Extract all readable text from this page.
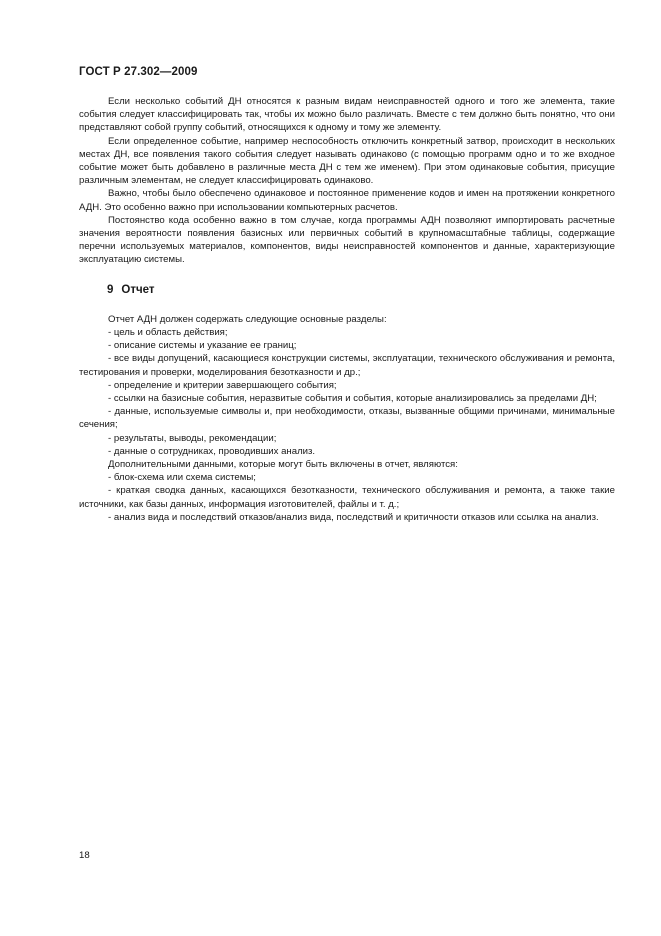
ГОСТ Р 27.302—2009

Если несколько событий ДН относятся к разным видам неисправностей одного и того же элемента, такие события следует классифицировать так, чтобы их можно было различать. Вместе с тем должно быть понятно, что они представляют собой группу событий, относящихся к одному и тому же элементу.

Если определенное событие, например неспособность отключить конкретный затвор, происходит в нескольких местах ДН, все появления такого события следует называть одинаково (с помощью программ одно и то же входное событие может быть добавлено в различные места ДН с тем же именем). При этом одинаковые события, присущие различным элементам, не следует классифицировать одинаково.

Важно, чтобы было обеспечено одинаковое и постоянное применение кодов и имен на протяжении конкретного АДН. Это особенно важно при использовании компьютерных расчетов.

Постоянство кода особенно важно в том случае, когда программы АДН позволяют импортировать расчетные значения вероятности появления базисных или первичных событий в крупномасштабные таблицы, содержащие перечни используемых материалов, компонентов, виды неисправностей компонентов и данные, характеризующие эксплуатацию системы.

9 Отчет

Отчет АДН должен содержать следующие основные разделы:

- цель и область действия;

- описание системы и указание ее границ;

- все виды допущений, касающиеся конструкции системы, эксплуатации, технического обслуживания и ремонта, тестирования и проверки, моделирования безотказности и др.;

- определение и критерии завершающего события;

- ссылки на базисные события, неразвитые события и события, которые анализировались за пределами ДН;

- данные, используемые символы и, при необходимости, отказы, вызванные общими причинами, минимальные сечения;

- результаты, выводы, рекомендации;

- данные о сотрудниках, проводивших анализ.

Дополнительными данными, которые могут быть включены в отчет, являются:

- блок-схема или схема системы;

- краткая сводка данных, касающихся безотказности, технического обслуживания и ремонта, а также такие источники, как базы данных, информация изготовителей, файлы и т. д.;

- анализ вида и последствий отказов/анализ вида, последствий и критичности отказов или ссылка на анализ.

18
